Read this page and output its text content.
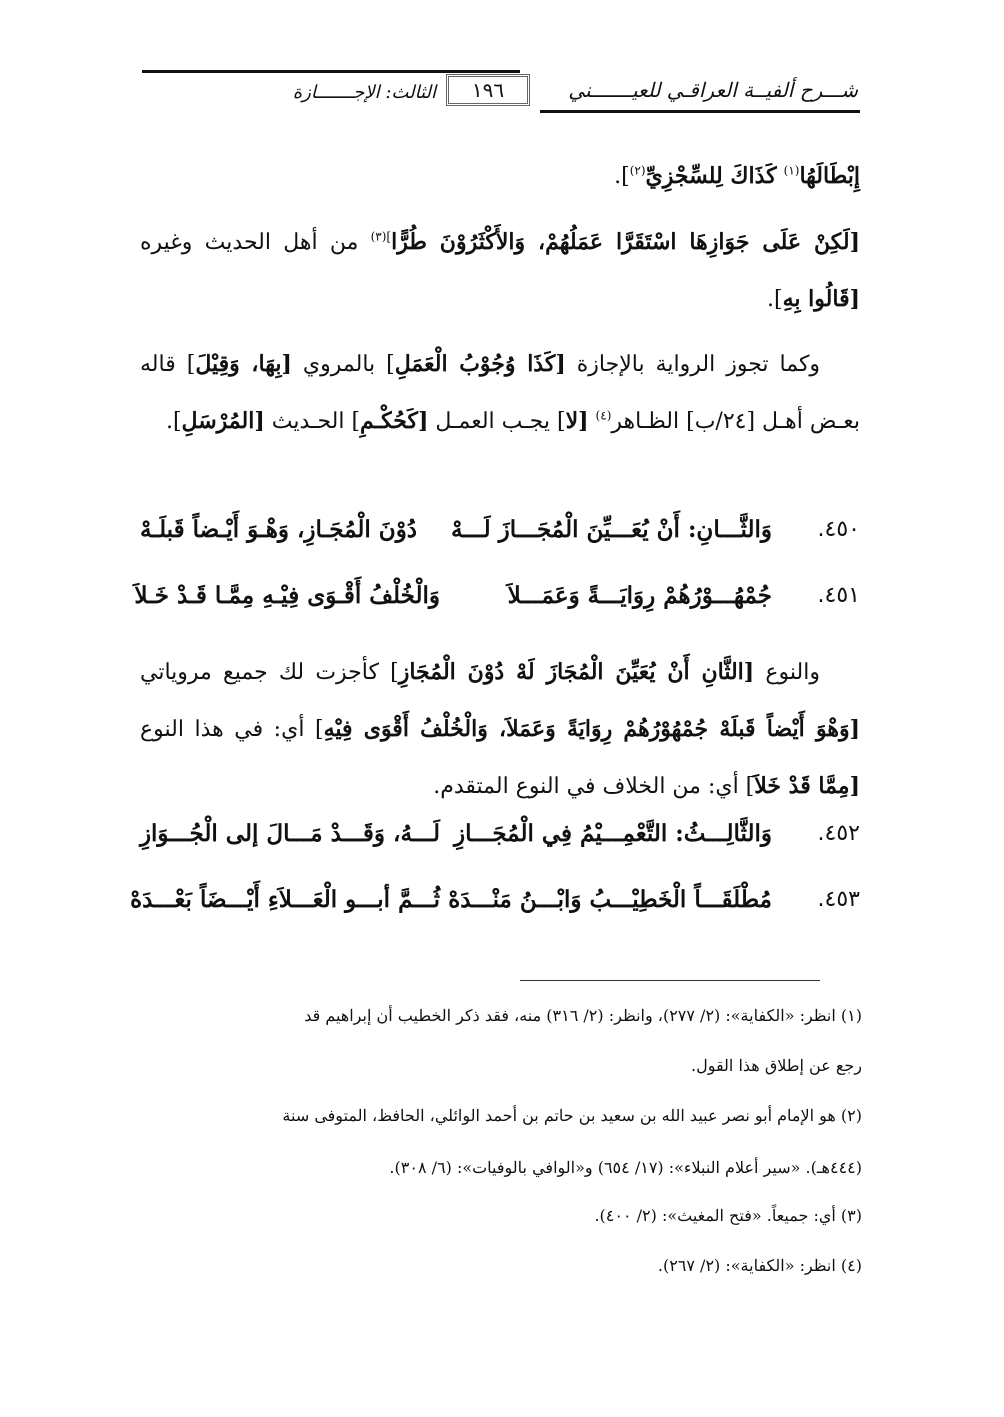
شـــرح ألفيــة العراقـي للعيـــــــني
١٩٦
الثالث: الإجـــــــازة
إِبْطَالَهُا$^{(١)}$ كَذَاكَ لِلسِّجْزِيِّ$^{(٢)}$].
[لَكِنْ عَلَى جَوَازِهَا اسْتَقَرَّا عَمَلُهُمْ، وَالأَكْثَرُوْنَ طُرًّا$^{](٣)}$ من أهل الحديث وغيره [قَالُوا بِهِ].
وكما تجوز الرواية بالإجازة [كَذَا وُجُوْبُ الْعَمَلِ] بالمروي [بِهَا، وَقِيْلَ] قاله بعـض أهـل [٢٤/ب] الظـاهر$^{(٤)}$ [لا] يجـب العمـل [كَحُكْـمِ] الحـديث [المُرْسَلِ].
٤٥٠.
وَالثَّـــانِ: أَنْ يُعَـــيِّنَ الْمُجَـــازَ لَـــهْ
دُوْنَ الْمُجَـازِ، وَهْـوَ أَيْـضاً قَبلَـهْ
٤٥١.
جُمْهُـــوْرُهُمْ رِوَايَـــةً وَعَمَـــلاَ
وَالْخُلْفُ أَقْـوَى فِيْـهِ مِمَّـا قَـدْ خَـلاَ
والنوع [الثَّانِ أَنْ يُعَيِّنَ الْمُجَازَ لَهْ دُوْنَ الْمُجَازِ] كأجزت لك جميع مروياتي [وَهْوَ أَيْضاً قَبلَهْ جُمْهُوْرُهُمْ رِوَايَةً وَعَمَلاَ، وَالْخُلْفُ أَقْوَى فِيْهِ] أي: في هذا النوع [مِمَّا قَدْ خَلاَ] أي: من الخلاف في النوع المتقدم.
٤٥٢.
وَالثَّالِـــثُ: التَّعْمِـــيْمُ فِي الْمُجَـــازِ
لَـــهُ، وَقَـــدْ مَـــالَ إلى الْجُـــوَازِ
٤٥٣.
مُطْلَقَـــاً الْخَطِيْـــبُ وَابْـــنُ مَنْـــدَهْ
ثُـــمَّ أبـــو الْعَـــلاَءِ أَيْـــضَاً بَعْـــدَهْ
(١) انظر: «الكفاية»: (٢/ ٢٧٧)، وانظر: (٢/ ٣١٦) منه، فقد ذكر الخطيب أن إبراهيم قد
رجع عن إطلاق هذا القول.
(٢) هو الإمام أبو نصر عبيد الله بن سعيد بن حاتم بن أحمد الوائلي، الحافظ، المتوفى سنة
(٤٤٤هـ). «سير أعلام النبلاء»: (١٧/ ٦٥٤) و«الوافي بالوفيات»: (٦/ ٣٠٨).
(٣) أي: جميعاً. «فتح المغيث»: (٢/ ٤٠٠).
(٤) انظر: «الكفاية»: (٢/ ٢٦٧).
